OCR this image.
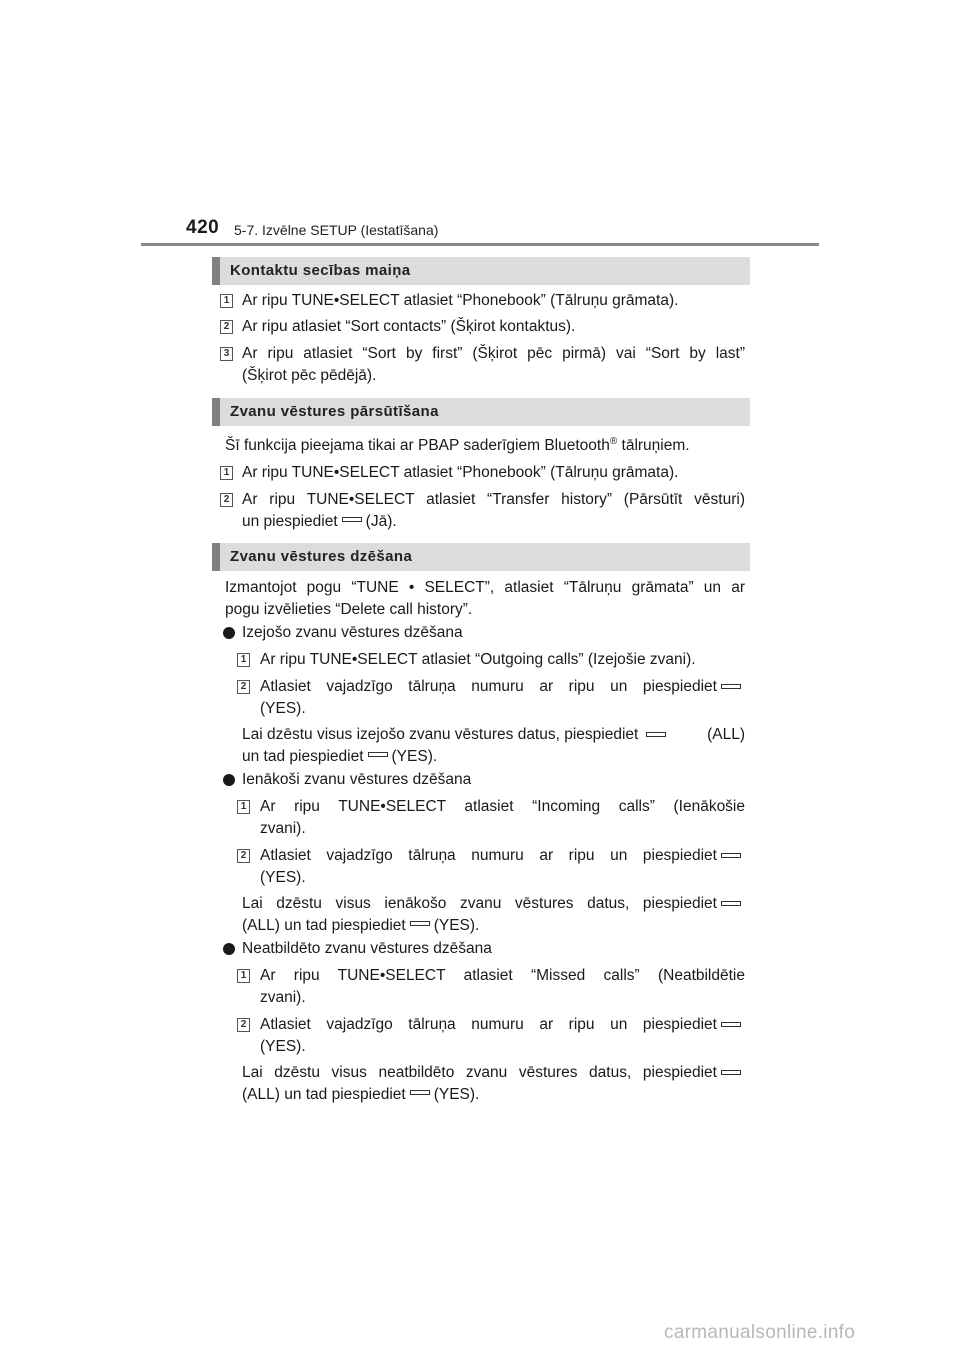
420 5-7. Izvēlne SETUP (Iestatīšana)
Kontaktu secības maiņa
1 Ar ripu TUNE•SELECT atlasiet “Phonebook” (Tālruņu grāmata).
2 Ar ripu atlasiet “Sort contacts” (Šķirot kontaktus).
3 Ar ripu atlasiet “Sort by first” (Šķirot pēc pirmā) vai “Sort by last”
(Šķirot pēc pēdējā).
Zvanu vēstures pārsūtīšana
Šī funkcija pieejama tikai ar PBAP saderīgiem Bluetooth® tālruņiem.
1 Ar ripu TUNE•SELECT atlasiet “Phonebook” (Tālruņu grāmata).
2 Ar ripu TUNE•SELECT atlasiet “Transfer history” (Pārsūtīt vēsturi)
un piespiediet (Jā).
Zvanu vēstures dzēšana
Izmantojot pogu “TUNE • SELECT”, atlasiet “Tālruņu grāmata” un ar
pogu izvēlieties “Delete call history”.
Izejošo zvanu vēstures dzēšana
1 Ar ripu TUNE•SELECT atlasiet “Outgoing calls” (Izejošie zvani).
2 Atlasiet vajadzīgo tālruņa numuru ar ripu un piespiediet
(YES).
Lai dzēstu visus izejošo zvanu vēstures datus, piespiediet	(ALL)
un tad piespiediet (YES).
Ienākoši zvanu vēstures dzēšana
1 Ar ripu TUNE•SELECT atlasiet “Incoming calls” (Ienākošie
zvani).
2 Atlasiet vajadzīgo tālruņa numuru ar ripu un piespiediet
(YES).
Lai dzēstu visus ienākošo zvanu vēstures datus, piespiediet
(ALL) un tad piespiediet (YES).
Neatbildēto zvanu vēstures dzēšana
1 Ar ripu TUNE•SELECT atlasiet “Missed calls” (Neatbildētie
zvani).
2 Atlasiet vajadzīgo tālruņa numuru ar ripu un piespiediet
(YES).
Lai dzēstu visus neatbildēto zvanu vēstures datus, piespiediet
(ALL) un tad piespiediet (YES).
carmanualsonline.info
